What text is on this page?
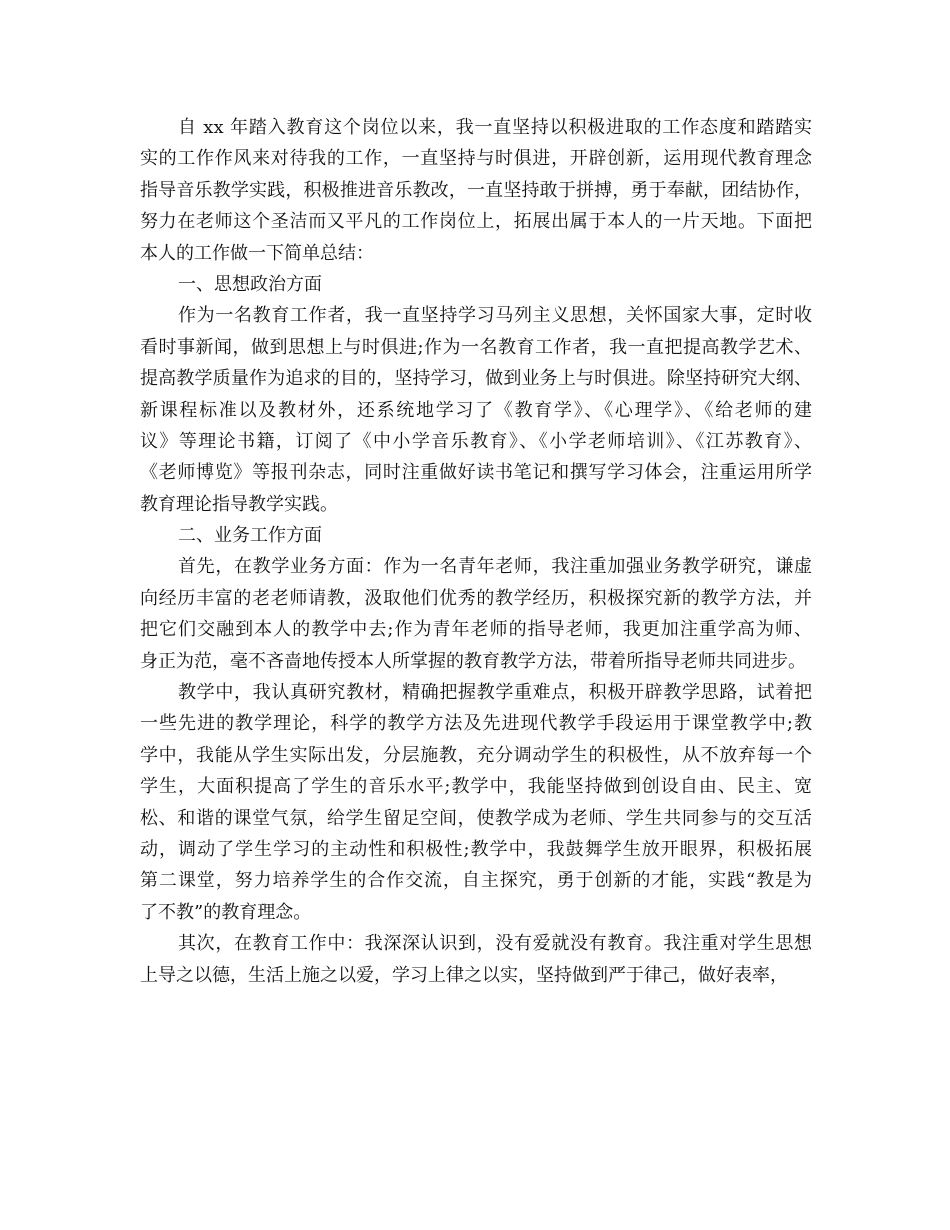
自 xx 年踏入教育这个岗位以来，我一直坚持以积极进取的工作态度和踏踏实
实的工作作风来对待我的工作，一直坚持与时俱进，开辟创新，运用现代教育理念
指导音乐教学实践，积极推进音乐教改，一直坚持敢于拼搏，勇于奉献，团结协作，
努力在老师这个圣洁而又平凡的工作岗位上，拓展出属于本人的一片天地。下面把
本人的工作做一下简单总结：
一、思想政治方面
作为一名教育工作者，我一直坚持学习马列主义思想，关怀国家大事，定时收
看时事新闻，做到思想上与时俱进;作为一名教育工作者，我一直把提高教学艺术、
提高教学质量作为追求的目的，坚持学习，做到业务上与时俱进。除坚持研究大纲、
新课程标准以及教材外，还系统地学习了《教育学》、《心理学》、《给老师的建
议》等理论书籍，订阅了《中小学音乐教育》、《小学老师培训》、《江苏教育》、
《老师博览》等报刊杂志，同时注重做好读书笔记和撰写学习体会，注重运用所学
教育理论指导教学实践。
二、业务工作方面
首先，在教学业务方面：作为一名青年老师，我注重加强业务教学研究，谦虚
向经历丰富的老老师请教，汲取他们优秀的教学经历，积极探究新的教学方法，并
把它们交融到本人的教学中去;作为青年老师的指导老师，我更加注重学高为师、
身正为范，毫不吝啬地传授本人所掌握的教育教学方法，带着所指导老师共同进步。
教学中，我认真研究教材，精确把握教学重难点，积极开辟教学思路，试着把
一些先进的教学理论，科学的教学方法及先进现代教学手段运用于课堂教学中;教
学中，我能从学生实际出发，分层施教，充分调动学生的积极性，从不放弃每一个
学生，大面积提高了学生的音乐水平;教学中，我能坚持做到创设自由、民主、宽
松、和谐的课堂气氛，给学生留足空间，使教学成为老师、学生共同参与的交互活
动，调动了学生学习的主动性和积极性;教学中，我鼓舞学生放开眼界，积极拓展
第二课堂，努力培养学生的合作交流，自主探究，勇于创新的才能，实践“教是为
了不教”的教育理念。
其次，在教育工作中：我深深认识到，没有爱就没有教育。我注重对学生思想
上导之以德，生活上施之以爱，学习上律之以实，坚持做到严于律己，做好表率，
